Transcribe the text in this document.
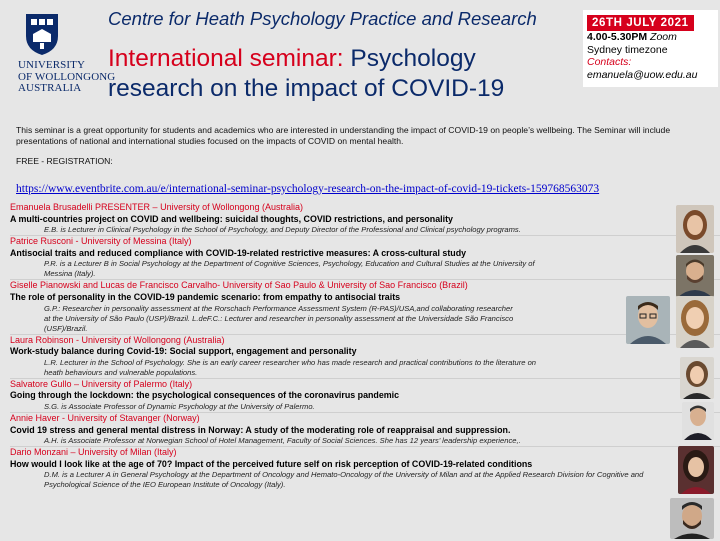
UNIVERSITY
OF WOLLONGONG
AUSTRALIA
Centre for Heath Psychology Practice and Research
International seminar: Psychology research on the impact of COVID-19
26TH JULY 2021
4.00-5.30PM Zoom
Sydney timezone
Contacts:
emanuela@uow.edu.au
This seminar is a great opportunity for students and academics who are interested in understanding the impact of COVID-19 on people’s wellbeing. The Seminar will include presentations of national and international studies focused on the impacts of COVID on mental health.
FREE - REGISTRATION:
https://www.eventbrite.com.au/e/international-seminar-psychology-research-on-the-impact-of-covid-19-tickets-159768563073
Emanuela Brusadelli PRESENTER – University of Wollongong (Australia)
A multi-countries project on COVID and wellbeing: suicidal thoughts, COVID restrictions, and personality
E.B. is Lecturer in Clinical Psychology in the School of Psychology, and Deputy Director of the Professional and Clinical psychology programs.
Patrice Rusconi - University of Messina (Italy)
Antisocial traits and reduced compliance with COVID-19-related restrictive measures: A cross-cultural study
P.R. is a Lecturer B in Social Psychology at the Department of Cognitive Sciences, Psychology, Education and Cultural Studies at the University of Messina (Italy).
Giselle Pianowski and Lucas de Francisco Carvalho- University of Sao Paulo & University of Sao Francisco (Brazil)
The role of personality in the COVID-19 pandemic scenario: from empathy to antisocial traits
G.P.: Researcher in personality assessment at the Rorschach Performance Assessment System (R-PAS)/USA,and collaborating researcher at the University of São Paulo (USP)/Brazil. L.deF.C.: Lecturer and researcher in personality assessment at the Universidade São Francisco (USF)/Brazil.
Laura Robinson - University of Wollongong (Australia)
Work-study balance during Covid-19: Social support, engagement and personality
L.R. Lecturer in the School of Psychology. She is an early career researcher who has made research and practical contributions to the literature on heath behaviours and vulnerable populations.
Salvatore Gullo – University of Palermo (Italy)
Going through the lockdown: the psychological consequences of the coronavirus pandemic
S.G. is Associate Professor of Dynamic Psychology at the University of Palermo.
Annie Haver - University of Stavanger (Norway)
Covid 19 stress and general mental distress in Norway: A study of the moderating role of reappraisal and suppression.
A.H. is Associate Professor at Norwegian School of Hotel Management, Faculty of Social Sciences. She has 12 years’ leadership experience,.
Dario Monzani – University of Milan (Italy)
How would I look like at the age of 70? Impact of the perceived future self on risk perception of COVID-19-related conditions
D.M. is a Lecturer A in General Psychology at the Department of Oncology and Hemato-Oncology of the University of Milan and at the Applied Research Division for Cognitive and Psychological Science of the IEO European Institute of Oncology (Italy).
